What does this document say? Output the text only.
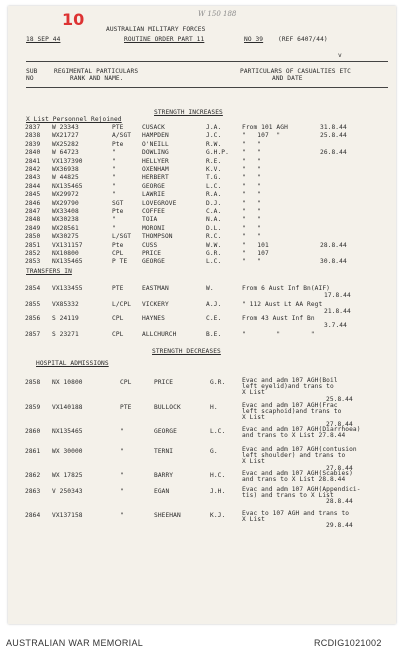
10	W 150 188
AUSTRALIAN MILITARY FORCES
18 SEP 44	ROUTINE ORDER PART 11	NO 39 (REF 6407/44)
v
SUB
NO
REGIMENTAL PARTICULARS
RANK AND NAME.
PARTICULARS OF CASUALTIES ETC
AND DATE
STRENGTH INCREASES
X List Personnel Rejoined
2837 W 23343	PTE	CUSACK	J.A.	From 101 AGH	31.8.44
2838 WX21727	A/SGT HAMPDEN	J.C.	"   107  "	25.8.44
2839 WX25282	Pte	O'NEILL	R.W.	"   "
2840 W 64723	"	DOWLING	G.H.P. "   "	26.8.44
2841 VX137390	"	HELLYER	R.E.	"   "
2842 WX36938	"	OXENHAM	K.V.	"   "
2843 W 44825	"	HERBERT	T.G.	"   "
2844 NX135465	"	GEORGE	L.C.	"   "
2845 WX29972	"	LAWRIE	R.A.	"   "
2846 WX29790	SGT	LOVEGROVE	D.J.	"   "
2847 WX33408	Pte	COFFEE	C.A.	"   "
2848 WX30238	"	TOIA	N.A.	"   "
2849 WX28561	"	MORONI	D.L.	"   "
2850 WX30275	L/SGT THOMPSON	R.C.	"   "
2851 VX131157	Pte	CUSS	W.W.	"   101	28.8.44
2852 NX10800	CPL	PRICE	G.R.	"   107
2853 NX135465	P TE GEORGE	L.C.	"   "	30.8.44
TRANSFERS IN
2854 VX133455	PTE	EASTMAN	W.	From 6 Aust Inf Bn(AIF)
17.8.44
2855 VX85332	L/CPL VICKERY	A.J.	" 112 Aust Lt AA Regt
21.8.44
2856 S 24119	CPL	HAYNES	C.E.	From 43 Aust Inf Bn
3.7.44
2857 S 23271	CPL	ALLCHURCH	B.E.	"        "        "
STRENGTH DECREASES
HOSPITAL ADMISSIONS
2858 NX 10800	CPL	PRICE	G.R.	Evac and adm 107 AGH(Boil
left eyelid)and trans to
X List
25.8.44
2859 VX140188	PTE	BULLOCK	H.	Evac and adm 107 AGH(Frac
left scaphoid)and trans to
X List
27.8.44
2860 NX135465	"	GEORGE	L.C.	Evac and adm 107 AGH(Diarrhoea)
and trans to X List 27.8.44
2861 WX 30000	"	TERNI	G.	Evac and adm 107 AGH(contusion
left shoulder) and trans to
X List
27.8.44
2862 WX 17825	"	BARRY	H.C.	Evac and adm 107 AGH(Scabies)
and trans to X List 28.8.44
2863 V 250343	"	EGAN	J.H.	Evac and adm 107 AGH(Appendici-
tis) and trans to X List
28.8.44
2864 VX137158	"	SHEEHAN	K.J.	Evac to 107 AGH and trans to
X List
29.8.44
AUSTRALIAN WAR MEMORIAL	RCDIG1021002
